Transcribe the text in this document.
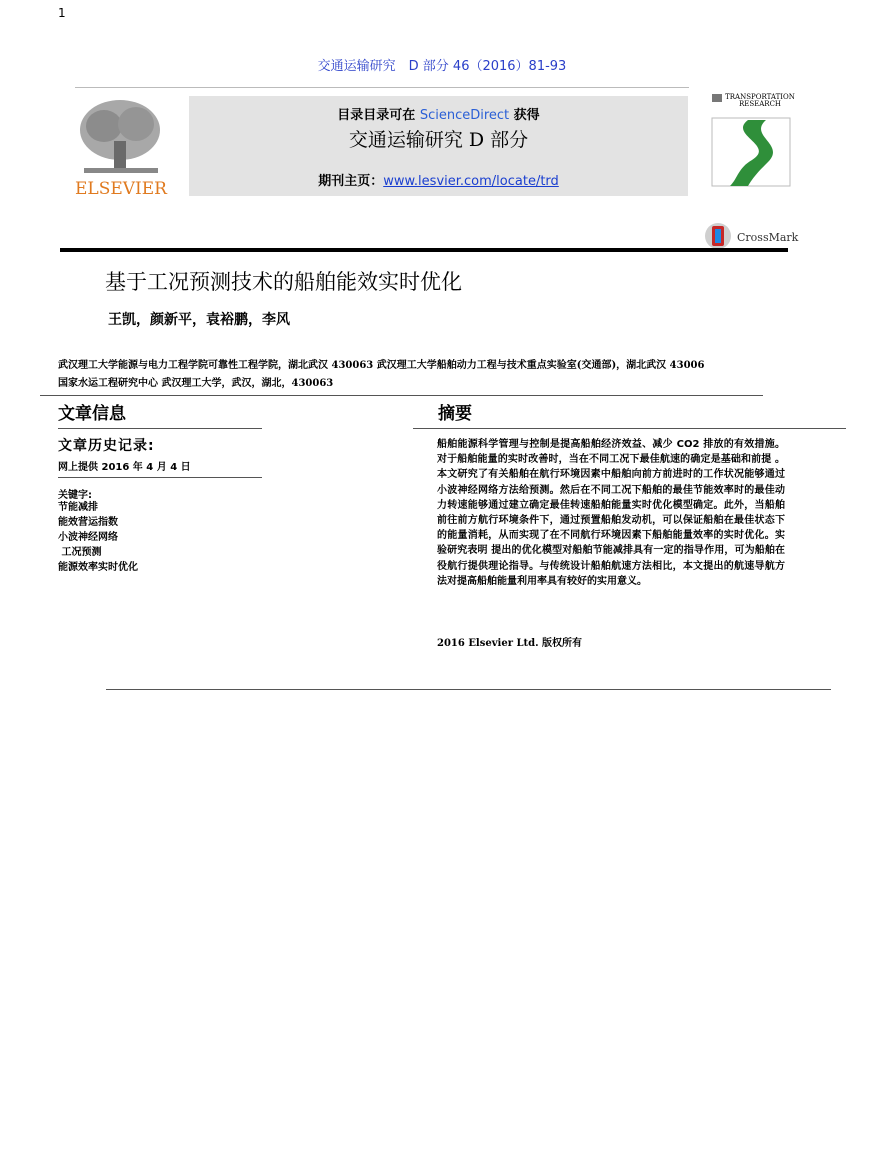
1
交通运输研究　D 部分 46（2016）81-93
ELSEVIER
目录目录可在 ScienceDirect 获得
交通运输研究 D 部分
期刊主页：www.lesvier.com/locate/trd
TRANSPORTATION
RESEARCH
CrossMark
基于工况预测技术的船舶能效实时优化
王凯，颜新平，袁裕鹏，李风
武汉理工大学能源与电力工程学院可靠性工程学院，湖北武汉 430063 武汉理工大学船舶动力工程与技术重点实验室(交通部)，湖北武汉 43006
国家水运工程研究中心 武汉理工大学，武汉，湖北，430063
文章信息	摘要
文章历史记录:
网上提供 2016 年 4 月 4 日
关键字:
节能减排
能效营运指数
小波神经网络
工况预测
能源效率实时优化
船舶能源科学管理与控制是提高船舶经济效益、减少 CO2 排放的有效措施。对于船舶能量的实时改善时，当在不同工况下最佳航速的确定是基础和前提 。本文研究了有关船舶在航行环境因素中船舶向前方前进时的工作状况能够通过小波神经网络方法给预测。然后在不同工况下船舶的最佳节能效率时的最佳动力转速能够通过建立确定最佳转速船舶能量实时优化模型确定。此外，当船舶前往前方航行环境条件下，通过预置船舶发动机，可以保证船舶在最佳状态下的能量消耗，从而实现了在不同航行环境因素下船舶能量效率的实时优化。实验研究表明 提出的优化模型对船舶节能减排具有一定的指导作用，可为船舶在役航行提供理论指导。与传统设计船舶航速方法相比，本文提出的航速导航方法对提高船舶能量利用率具有较好的实用意义。
2016 Elsevier Ltd. 版权所有
